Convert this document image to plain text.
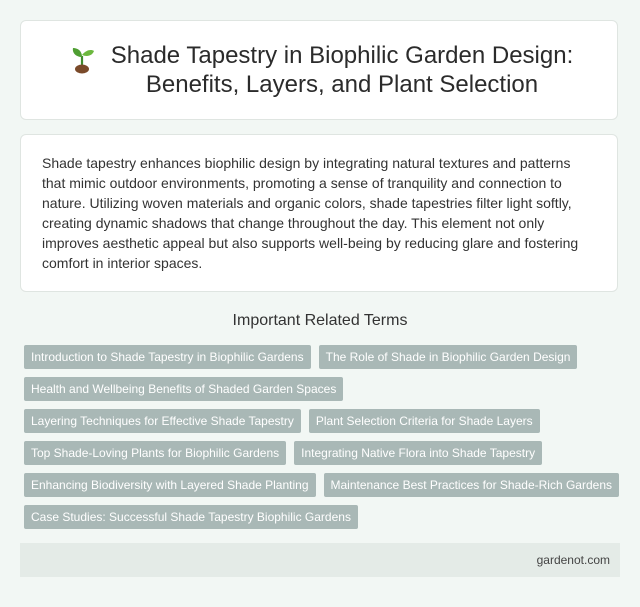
Shade Tapestry in Biophilic Garden Design:
Benefits, Layers, and Plant Selection

Shade tapestry enhances biophilic design by integrating natural textures and patterns that mimic outdoor environments, promoting a sense of tranquility and connection to nature. Utilizing woven materials and organic colors, shade tapestries filter light softly, creating dynamic shadows that change throughout the day. This element not only improves aesthetic appeal but also supports well-being by reducing glare and fostering comfort in interior spaces.

Important Related Terms
Introduction to Shade Tapestry in Biophilic Gardens	The Role of Shade in Biophilic Garden Design
Health and Wellbeing Benefits of Shaded Garden Spaces
Layering Techniques for Effective Shade Tapestry	Plant Selection Criteria for Shade Layers
Top Shade-Loving Plants for Biophilic Gardens	Integrating Native Flora into Shade Tapestry
Enhancing Biodiversity with Layered Shade Planting	Maintenance Best Practices for Shade-Rich Gardens
Case Studies: Successful Shade Tapestry Biophilic Gardens
gardenot.com
